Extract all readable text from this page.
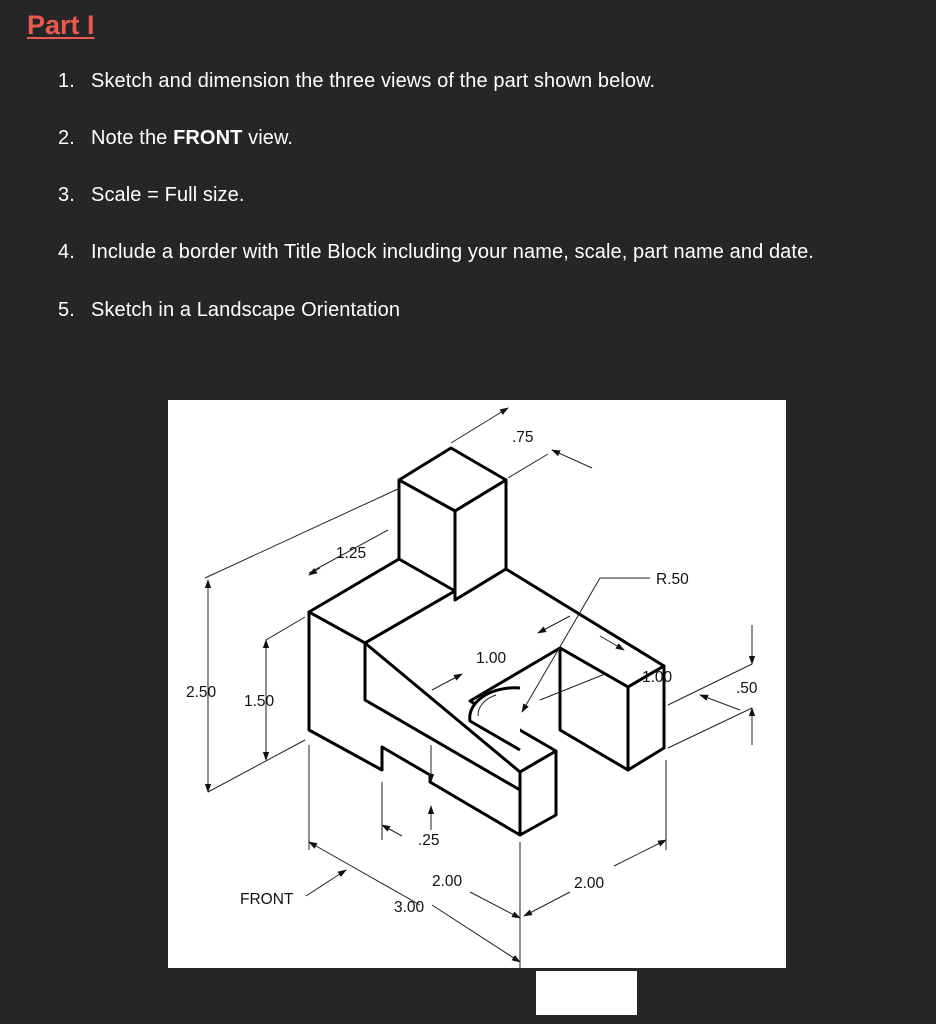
Part I
1. Sketch and dimension the three views of the part shown below.
2. Note the FRONT view.
3. Scale = Full size.
4. Include a border with Title Block including your name, scale, part name and date.
5. Sketch in a Landscape Orientation
.75
1.25
R.50
1.00
1.00
.50
2.50
1.50
.25
2.00	2.00
3.00
FRONT
